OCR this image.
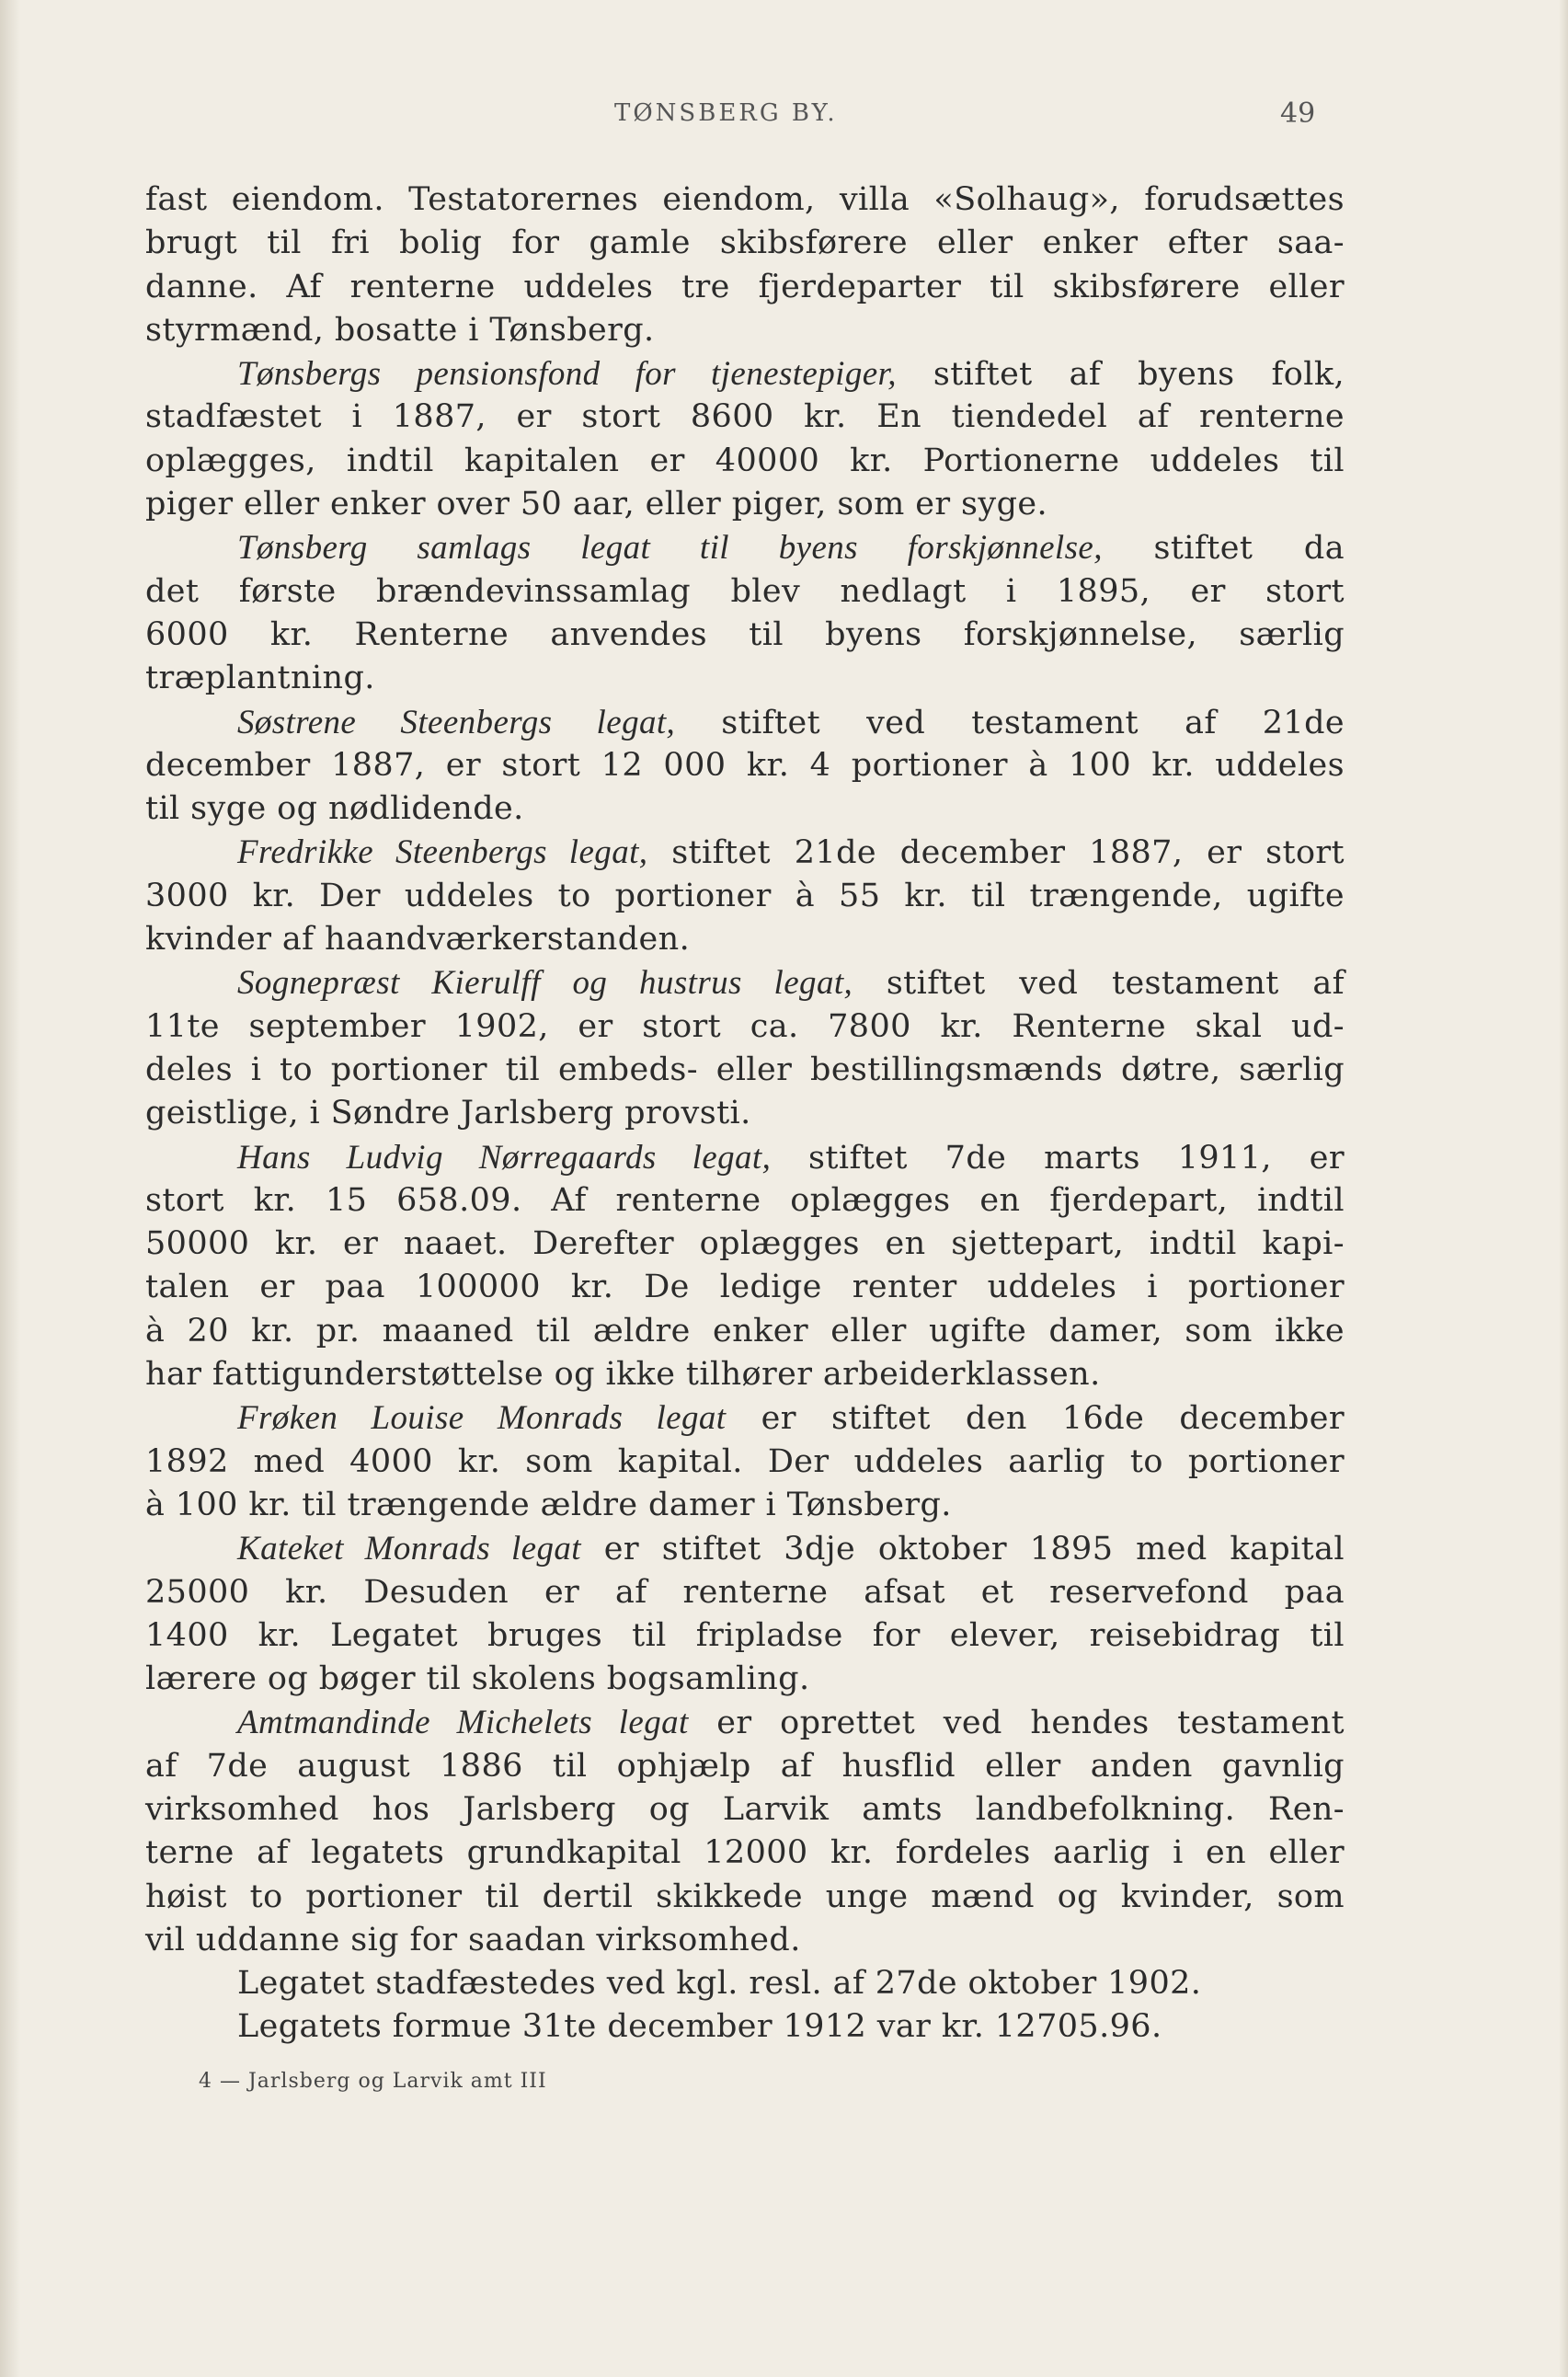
TØNSBERG BY.	49
fast eiendom. Testatorernes eiendom, villa «Solhaug», forudsættes
brugt til fri bolig for gamle skibsførere eller enker efter saa-
danne. Af renterne uddeles tre fjerdeparter til skibsførere eller
styrmænd, bosatte i Tønsberg.
Tønsbergs pensionsfond for tjenestepiger, stiftet af byens folk,
stadfæstet i 1887, er stort 8600 kr. En tiendedel af renterne
oplægges, indtil kapitalen er 40000 kr. Portionerne uddeles til
piger eller enker over 50 aar, eller piger, som er syge.
Tønsberg samlags legat til byens forskjønnelse, stiftet da
det første brændevinssamlag blev nedlagt i 1895, er stort
6000 kr. Renterne anvendes til byens forskjønnelse, særlig
træplantning.
Søstrene Steenbergs legat, stiftet ved testament af 21de
december 1887, er stort 12 000 kr. 4 portioner à 100 kr. uddeles
til syge og nødlidende.
Fredrikke Steenbergs legat, stiftet 21de december 1887, er stort
3000 kr. Der uddeles to portioner à 55 kr. til trængende, ugifte
kvinder af haandværkerstanden.
Sognepræst Kierulff og hustrus legat, stiftet ved testament af
11te september 1902, er stort ca. 7800 kr. Renterne skal ud-
deles i to portioner til embeds- eller bestillingsmænds døtre, særlig
geistlige, i Søndre Jarlsberg provsti.
Hans Ludvig Nørregaards legat, stiftet 7de marts 1911, er
stort kr. 15 658.09. Af renterne oplægges en fjerdepart, indtil
50000 kr. er naaet. Derefter oplægges en sjettepart, indtil kapi-
talen er paa 100000 kr. De ledige renter uddeles i portioner
à 20 kr. pr. maaned til ældre enker eller ugifte damer, som ikke
har fattigunderstøttelse og ikke tilhører arbeiderklassen.
Frøken Louise Monrads legat er stiftet den 16de december
1892 med 4000 kr. som kapital. Der uddeles aarlig to portioner
à 100 kr. til trængende ældre damer i Tønsberg.
Kateket Monrads legat er stiftet 3dje oktober 1895 med kapital
25000 kr. Desuden er af renterne afsat et reservefond paa
1400 kr. Legatet bruges til fripladse for elever, reisebidrag til
lærere og bøger til skolens bogsamling.
Amtmandinde Michelets legat er oprettet ved hendes testament
af 7de august 1886 til ophjælp af husflid eller anden gavnlig
virksomhed hos Jarlsberg og Larvik amts landbefolkning. Ren-
terne af legatets grundkapital 12000 kr. fordeles aarlig i en eller
høist to portioner til dertil skikkede unge mænd og kvinder, som
vil uddanne sig for saadan virksomhed.
Legatet stadfæstedes ved kgl. resl. af 27de oktober 1902.
Legatets formue 31te december 1912 var kr. 12705.96.
4 — Jarlsberg og Larvik amt III
